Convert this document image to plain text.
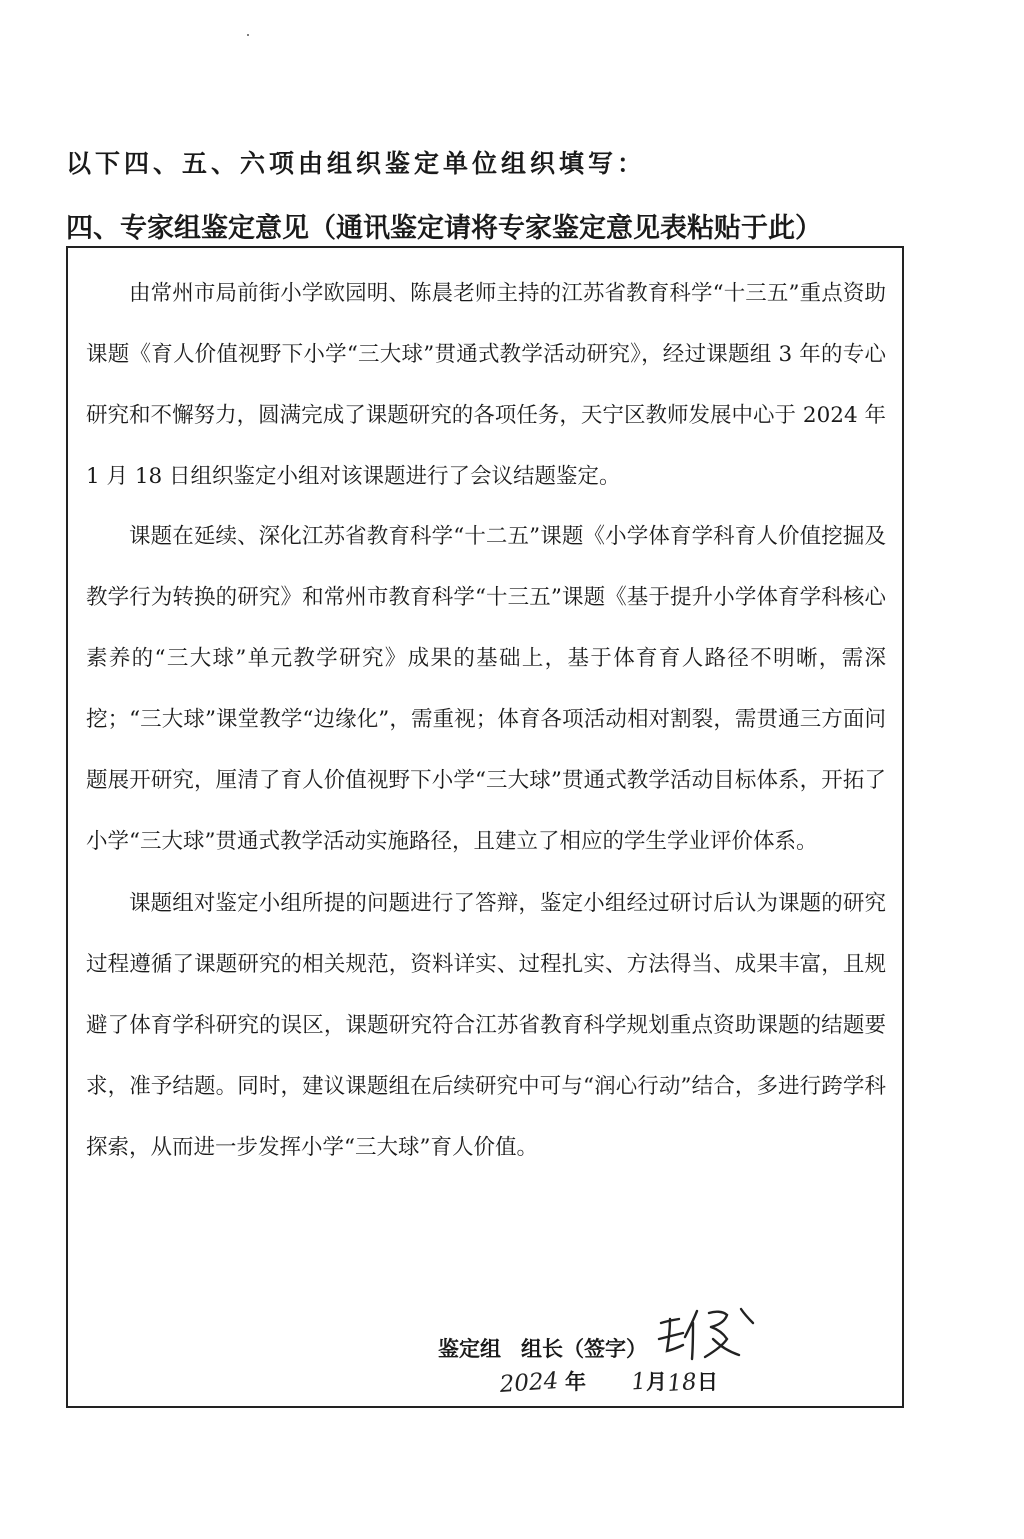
以下四、五、六项由组织鉴定单位组织填写：
四、专家组鉴定意见（通讯鉴定请将专家鉴定意见表粘贴于此）

由常州市局前街小学欧园明、陈晨老师主持的江苏省教育科学“十三五”重点资助课题《育人价值视野下小学“三大球”贯通式教学活动研究》，经过课题组 3 年的专心研究和不懈努力，圆满完成了课题研究的各项任务，天宁区教师发展中心于 2024 年 1 月 18 日组织鉴定小组对该课题进行了会议结题鉴定。

课题在延续、深化江苏省教育科学“十二五”课题《小学体育学科育人价值挖掘及教学行为转换的研究》和常州市教育科学“十三五”课题《基于提升小学体育学科核心素养的“三大球”单元教学研究》成果的基础上，基于体育育人路径不明晰，需深挖；“三大球”课堂教学“边缘化”，需重视；体育各项活动相对割裂，需贯通三方面问题展开研究，厘清了育人价值视野下小学“三大球”贯通式教学活动目标体系，开拓了小学“三大球”贯通式教学活动实施路径，且建立了相应的学生学业评价体系。

课题组对鉴定小组所提的问题进行了答辩，鉴定小组经过研讨后认为课题的研究过程遵循了课题研究的相关规范，资料详实、过程扎实、方法得当、成果丰富，且规避了体育学科研究的误区，课题研究符合江苏省教育科学规划重点资助课题的结题要求，准予结题。同时，建议课题组在后续研究中可与“润心行动”结合，多进行跨学科探索，从而进一步发挥小学“三大球”育人价值。

鉴定组 组长（签字）
2024 年	1 月 18 日
